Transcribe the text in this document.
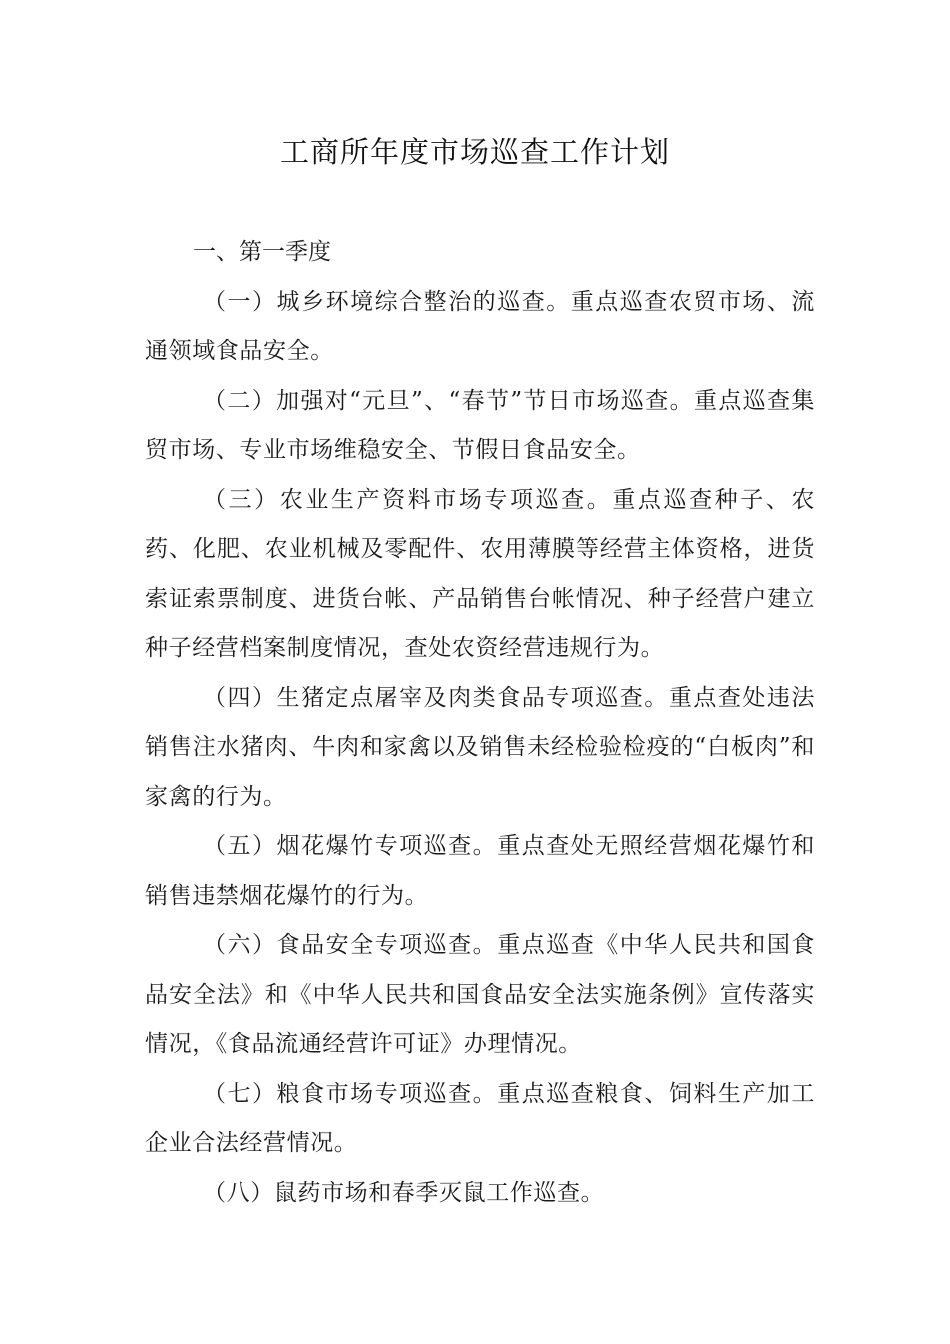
工商所年度市场巡查工作计划

一、第一季度

（一）城乡环境综合整治的巡查。重点巡查农贸市场、流通领域食品安全。

（二）加强对“元旦”、“春节”节日市场巡查。重点巡查集贸市场、专业市场维稳安全、节假日食品安全。

（三）农业生产资料市场专项巡查。重点巡查种子、农药、化肥、农业机械及零配件、农用薄膜等经营主体资格，进货索证索票制度、进货台帐、产品销售台帐情况、种子经营户建立种子经营档案制度情况，查处农资经营违规行为。

（四）生猪定点屠宰及肉类食品专项巡查。重点查处违法销售注水猪肉、牛肉和家禽以及销售未经检验检疫的“白板肉”和家禽的行为。

（五）烟花爆竹专项巡查。重点查处无照经营烟花爆竹和销售违禁烟花爆竹的行为。

（六）食品安全专项巡查。重点巡查《中华人民共和国食品安全法》和《中华人民共和国食品安全法实施条例》宣传落实情况，《食品流通经营许可证》办理情况。

（七）粮食市场专项巡查。重点巡查粮食、饲料生产加工企业合法经营情况。

（八）鼠药市场和春季灭鼠工作巡查。
